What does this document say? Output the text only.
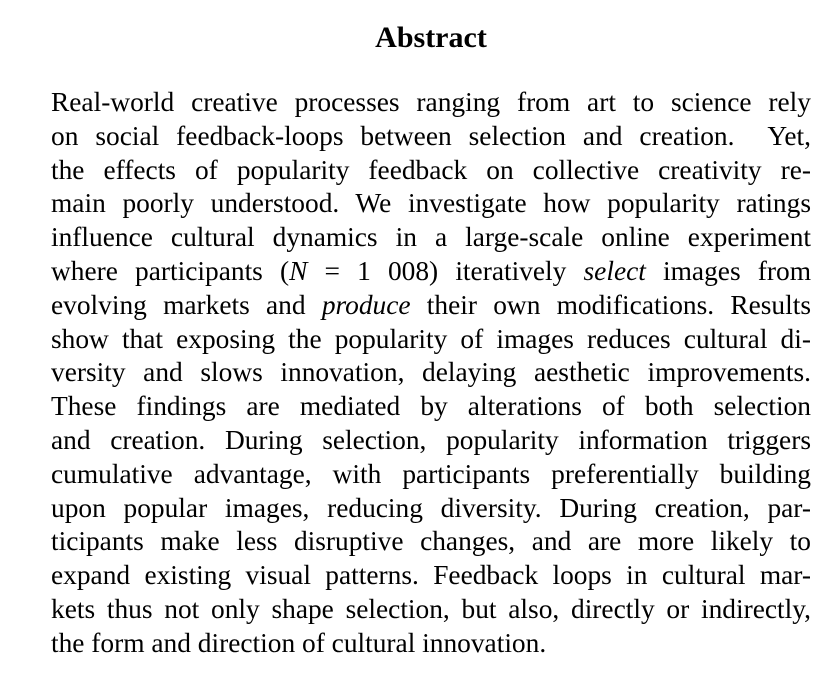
Abstract
Real-world creative processes ranging from art to science rely
on social feedback-loops between selection and creation.  Yet,
the effects of popularity feedback on collective creativity re-
main poorly understood. We investigate how popularity ratings
influence cultural dynamics in a large-scale online experiment
where participants (N = 1 008) iteratively select images from
evolving markets and produce their own modifications. Results
show that exposing the popularity of images reduces cultural di-
versity and slows innovation, delaying aesthetic improvements.
These findings are mediated by alterations of both selection
and creation. During selection, popularity information triggers
cumulative advantage, with participants preferentially building
upon popular images, reducing diversity. During creation, par-
ticipants make less disruptive changes, and are more likely to
expand existing visual patterns. Feedback loops in cultural mar-
kets thus not only shape selection, but also, directly or indirectly,
the form and direction of cultural innovation.
